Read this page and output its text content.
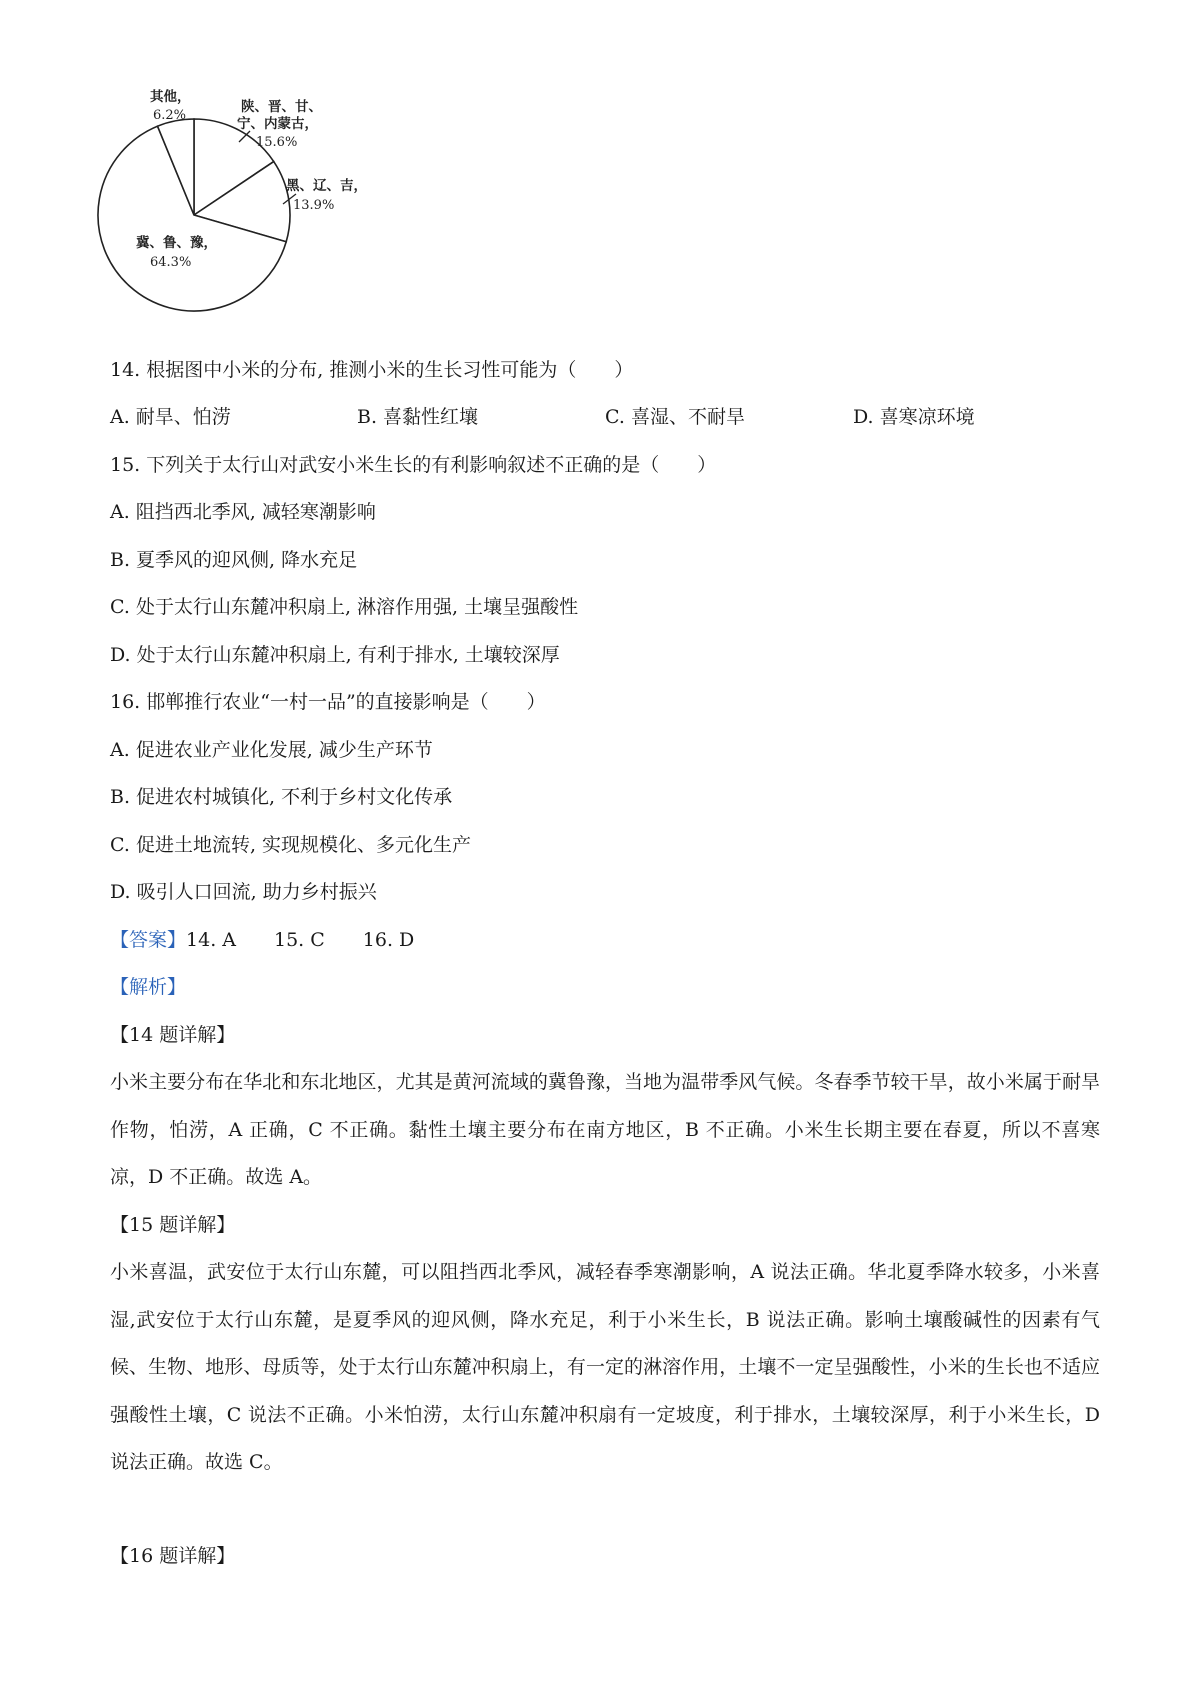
其他，
6.2%
陕、晋、甘、
宁、内蒙古，
15.6%
黑、辽、吉，
13.9%
冀、鲁、豫，
64.3%
14. 根据图中小米的分布, 推测小米的生长习性可能为（　　）
A. 耐旱、怕涝	B. 喜黏性红壤	C. 喜湿、不耐旱	D. 喜寒凉环境
15. 下列关于太行山对武安小米生长的有利影响叙述不正确的是（　　）
A. 阻挡西北季风, 减轻寒潮影响
B. 夏季风的迎风侧, 降水充足
C. 处于太行山东麓冲积扇上, 淋溶作用强, 土壤呈强酸性
D. 处于太行山东麓冲积扇上, 有利于排水, 土壤较深厚
16. 邯郸推行农业“一村一品”的直接影响是（　　）
A. 促进农业产业化发展, 减少生产环节
B. 促进农村城镇化, 不利于乡村文化传承
C. 促进土地流转, 实现规模化、多元化生产
D. 吸引人口回流, 助力乡村振兴
【答案】14. A　　15. C　　16. D
【解析】
【14 题详解】
小米主要分布在华北和东北地区，尤其是黄河流域的冀鲁豫，当地为温带季风气候。冬春季节较干旱，故小米属于耐旱作物，怕涝，A 正确，C 不正确。黏性土壤主要分布在南方地区，B 不正确。小米生长期主要在春夏，所以不喜寒凉，D 不正确。故选 A。
【15 题详解】
小米喜温，武安位于太行山东麓，可以阻挡西北季风，减轻春季寒潮影响，A 说法正确。华北夏季降水较多，小米喜湿,武安位于太行山东麓，是夏季风的迎风侧，降水充足，利于小米生长，B 说法正确。影响土壤酸碱性的因素有气候、生物、地形、母质等，处于太行山东麓冲积扇上，有一定的淋溶作用，土壤不一定呈强酸性，小米的生长也不适应强酸性土壤，C 说法不正确。小米怕涝，太行山东麓冲积扇有一定坡度，利于排水，土壤较深厚，利于小米生长，D 说法正确。故选 C。
【16 题详解】
